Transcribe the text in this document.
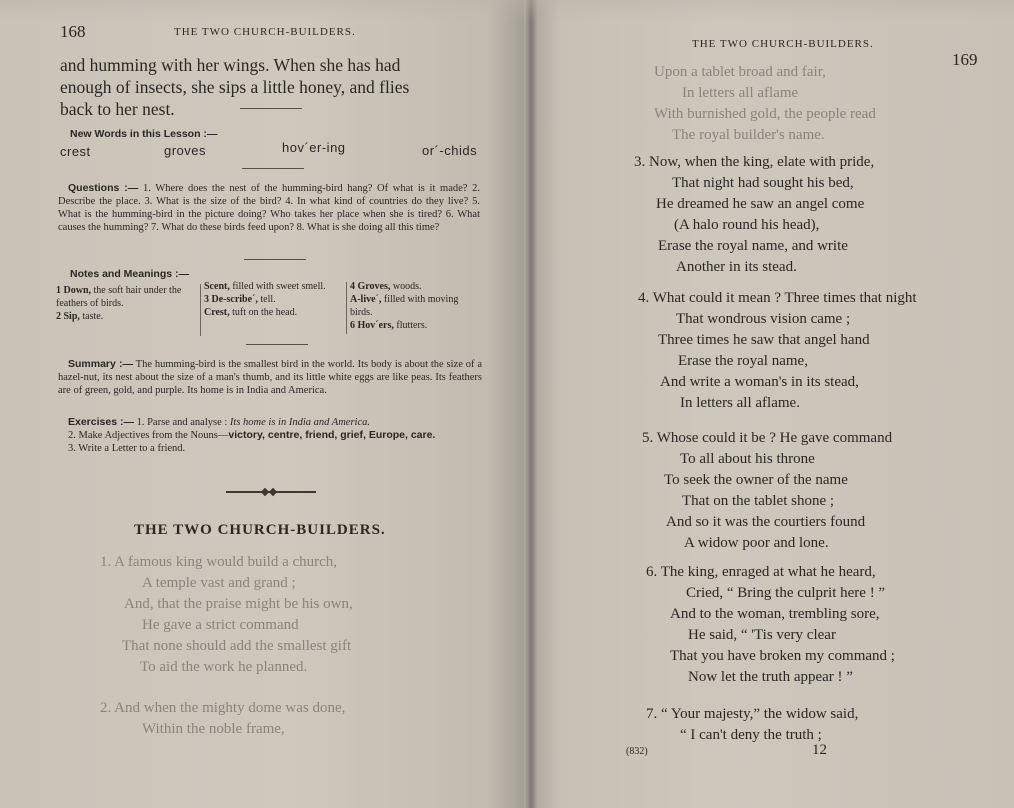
168	THE TWO CHURCH-BUILDERS.
and humming with her wings. When she has had
enough of insects, she sips a little honey, and flies
back to her nest.
New Words in this Lesson :—
crest	groves	hov´er-ing	or´-chids
Questions :— 1. Where does the nest of the humming-bird hang? Of what is it made? 2. Describe the place. 3. What is the size of the bird? 4. In what kind of countries do they live? 5. What is the humming-bird in the picture doing? Who takes her place when she is tired? 6. What causes the humming? 7. What do these birds feed upon? 8. What is she doing all this time?
Notes and Meanings :—
1 Down, the soft hair under the feathers of birds.
2 Sip, taste.
Scent, filled with sweet smell.
3 De-scribe´, tell.
Crest, tuft on the head.
4 Groves, woods.
A-live´, filled with moving birds.
6 Hov´ers, flutters.
Summary :— The humming-bird is the smallest bird in the world. Its body is about the size of a hazel-nut, its nest about the size of a man's thumb, and its little white eggs are like peas. Its feathers are of green, gold, and purple. Its home is in India and America.
Exercises :— 1. Parse and analyse : Its home is in India and America.
2. Make Adjectives from the Nouns—victory, centre, friend, grief, Europe, care.
3. Write a Letter to a friend.
THE TWO CHURCH-BUILDERS.
1. A famous king would build a church,
A temple vast and grand ;
And, that the praise might be his own,
He gave a strict command
That none should add the smallest gift
To aid the work he planned.
2. And when the mighty dome was done,
Within the noble frame,
THE TWO CHURCH-BUILDERS.
169
Upon a tablet broad and fair,
In letters all aflame
With burnished gold, the people read
The royal builder's name.
3. Now, when the king, elate with pride,
That night had sought his bed,
He dreamed he saw an angel come
(A halo round his head),
Erase the royal name, and write
Another in its stead.
4. What could it mean ? Three times that night
That wondrous vision came ;
Three times he saw that angel hand
Erase the royal name,
And write a woman's in its stead,
In letters all aflame.
5. Whose could it be ? He gave command
To all about his throne
To seek the owner of the name
That on the tablet shone ;
And so it was the courtiers found
A widow poor and lone.
6. The king, enraged at what he heard,
Cried, “ Bring the culprit here ! ”
And to the woman, trembling sore,
He said, “ 'Tis very clear
That you have broken my command ;
Now let the truth appear ! ”
7. “ Your majesty,” the widow said,
“ I can't deny the truth ;
(832)	12
